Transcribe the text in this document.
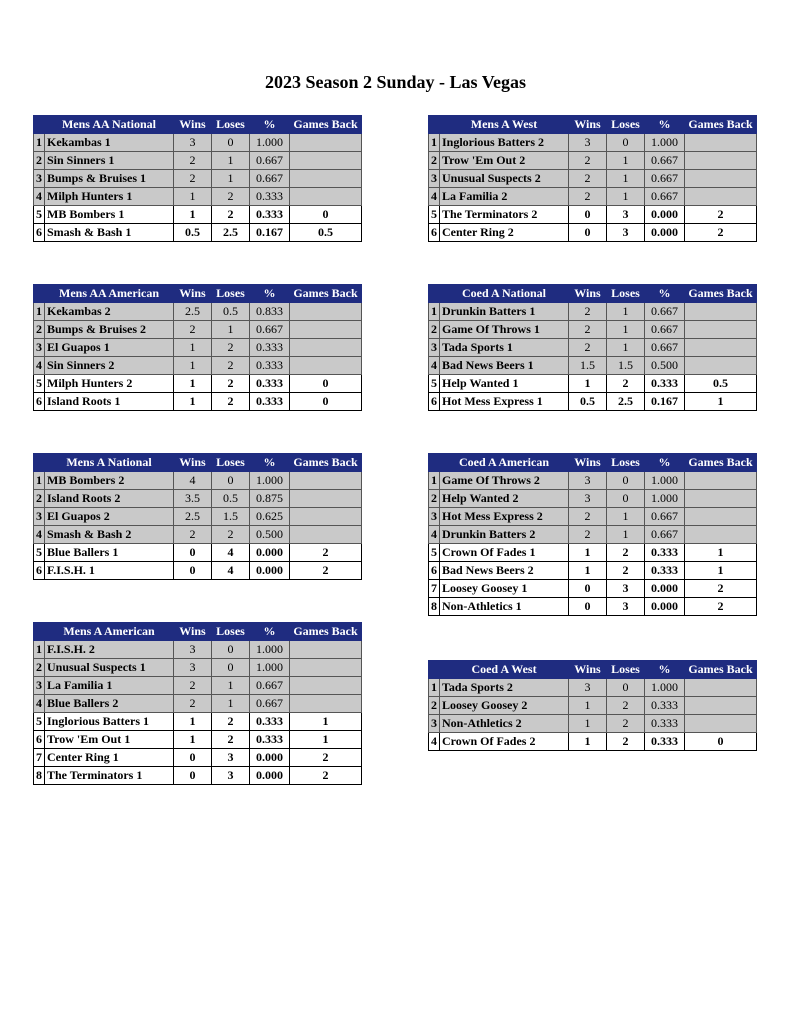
2023 Season 2 Sunday - Las Vegas
	Mens AA National	Wins	Loses	%	Games Back
1	Kekambas 1	3	0	1.000	
2	Sin Sinners 1	2	1	0.667	
3	Bumps & Bruises 1	2	1	0.667	
4	Milph Hunters 1	1	2	0.333	
5	MB Bombers 1	1	2	0.333	0
6	Smash & Bash 1	0.5	2.5	0.167	0.5
	Mens A West	Wins	Loses	%	Games Back
1	Inglorious Batters 2	3	0	1.000	
2	Trow 'Em Out 2	2	1	0.667	
3	Unusual Suspects 2	2	1	0.667	
4	La Familia 2	2	1	0.667	
5	The Terminators 2	0	3	0.000	2
6	Center Ring 2	0	3	0.000	2
	Mens AA American	Wins	Loses	%	Games Back
1	Kekambas 2	2.5	0.5	0.833	
2	Bumps & Bruises 2	2	1	0.667	
3	El Guapos 1	1	2	0.333	
4	Sin Sinners 2	1	2	0.333	
5	Milph Hunters 2	1	2	0.333	0
6	Island Roots 1	1	2	0.333	0
	Coed A National	Wins	Loses	%	Games Back
1	Drunkin Batters 1	2	1	0.667	
2	Game Of Throws 1	2	1	0.667	
3	Tada Sports 1	2	1	0.667	
4	Bad News Beers 1	1.5	1.5	0.500	
5	Help Wanted 1	1	2	0.333	0.5
6	Hot Mess Express 1	0.5	2.5	0.167	1
	Mens A National	Wins	Loses	%	Games Back
1	MB Bombers 2	4	0	1.000	
2	Island Roots 2	3.5	0.5	0.875	
3	El Guapos 2	2.5	1.5	0.625	
4	Smash & Bash 2	2	2	0.500	
5	Blue Ballers 1	0	4	0.000	2
6	F.I.S.H. 1	0	4	0.000	2
	Coed A American	Wins	Loses	%	Games Back
1	Game Of Throws 2	3	0	1.000	
2	Help Wanted 2	3	0	1.000	
3	Hot Mess Express 2	2	1	0.667	
4	Drunkin Batters 2	2	1	0.667	
5	Crown Of Fades 1	1	2	0.333	1
6	Bad News Beers 2	1	2	0.333	1
7	Loosey Goosey 1	0	3	0.000	2
8	Non-Athletics 1	0	3	0.000	2
	Mens A American	Wins	Loses	%	Games Back
1	F.I.S.H. 2	3	0	1.000	
2	Unusual Suspects 1	3	0	1.000	
3	La Familia 1	2	1	0.667	
4	Blue Ballers 2	2	1	0.667	
5	Inglorious Batters 1	1	2	0.333	1
6	Trow 'Em Out 1	1	2	0.333	1
7	Center Ring 1	0	3	0.000	2
8	The Terminators 1	0	3	0.000	2
	Coed A West	Wins	Loses	%	Games Back
1	Tada Sports 2	3	0	1.000	
2	Loosey Goosey 2	1	2	0.333	
3	Non-Athletics 2	1	2	0.333	
4	Crown Of Fades 2	1	2	0.333	0
